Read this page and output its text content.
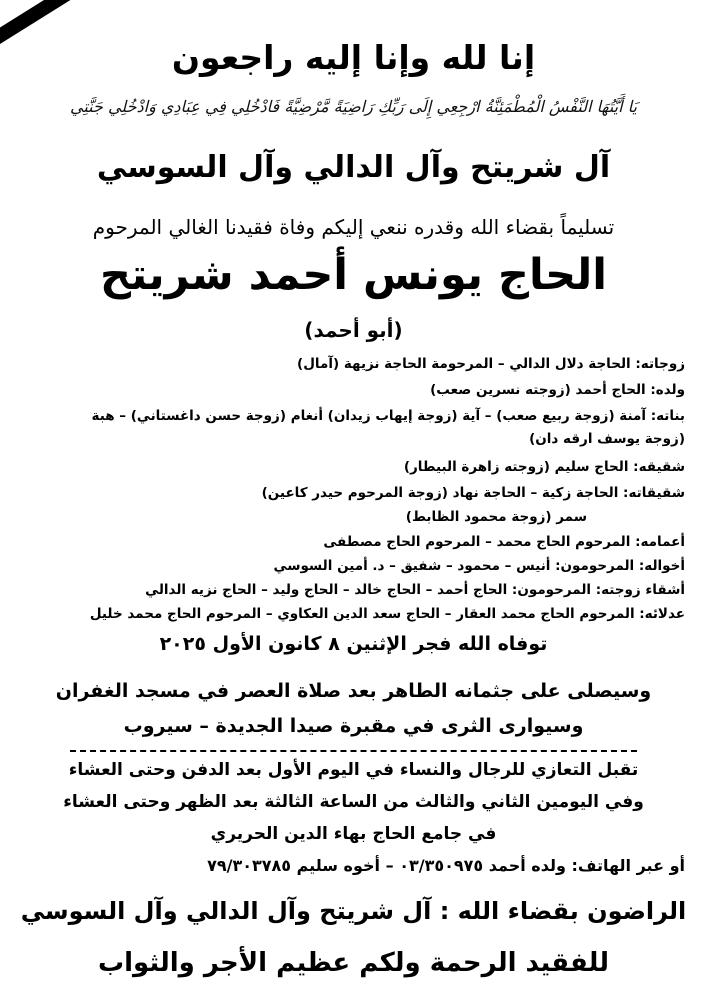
إنا لله وإنا إليه راجعون
يَا أَيَّتُهَا النَّفْسُ الْمُطْمَئِنَّةُ ارْجِعِي إِلَى رَبِّكِ رَاضِيَةً مَّرْضِيَّةً فَادْخُلِي فِي عِبَادِي وَادْخُلِي جَنَّتِي
آل شريتح وآل الدالي وآل السوسي
تسليماً بقضاء الله وقدره ننعي إليكم وفاة فقيدنا الغالي المرحوم
الحاج يونس أحمد شريتح
(أبو أحمد)
زوجاته: الحاجة دلال الدالي – المرحومة الحاجة نزيهة (آمال)
ولده: الحاج أحمد (زوجته نسرين صعب)
بناته: آمنة (زوجة ربيع صعب) – آية (زوجة إيهاب زيدان) أنغام (زوجة حسن داغستاني) – هبة
(زوجة يوسف ارقه دان)
شقيقه: الحاج سليم (زوجته زاهرة البيطار)
شقيقاته: الحاجة زكية – الحاجة نهاد (زوجة المرحوم حيدر كاعين)
سمر (زوجة محمود الظابط)
أعمامه: المرحوم الحاج محمد – المرحوم الحاج مصطفى
أخواله: المرحومون: أنيس – محمود – شفيق – د. أمين السوسي
أشقاء زوجته: المرحومون: الحاج أحمد – الحاج خالد – الحاج وليد – الحاج نزيه الدالي
عدلائه: المرحوم الحاج محمد العقار – الحاج سعد الدين العكاوي – المرحوم الحاج محمد خليل
توفاه الله فجر الإثنين ٨ كانون الأول ٢٠٢٥
وسيصلى على جثمانه الطاهر بعد صلاة العصر في مسجد الغفران
وسيوارى الثرى في مقبرة صيدا الجديدة – سيروب
تقبل التعازي للرجال والنساء في اليوم الأول بعد الدفن وحتى العشاء
وفي اليومين الثاني والثالث من الساعة الثالثة بعد الظهر وحتى العشاء
في جامع الحاج بهاء الدين الحريري
أو عبر الهاتف: ولده أحمد ٠٣/٣٥٠٩٧٥ – أخوه سليم ٧٩/٣٠٣٧٨٥
الراضون بقضاء الله : آل شريتح وآل الدالي وآل السوسي
للفقيد الرحمة ولكم عظيم الأجر والثواب
